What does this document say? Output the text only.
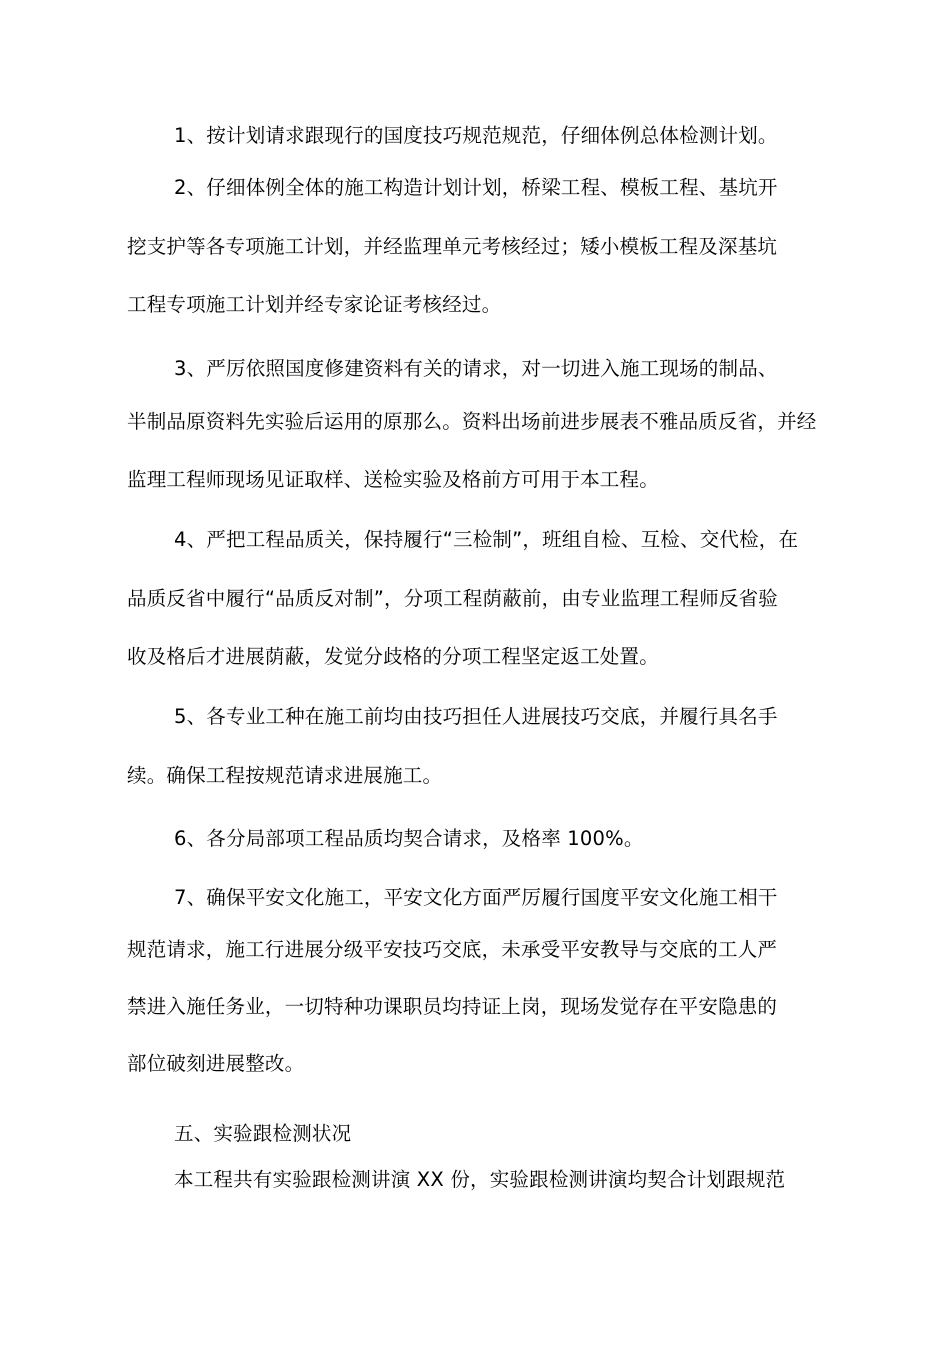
1、按计划请求跟现行的国度技巧规范规范，仔细体例总体检测计划。
2、仔细体例全体的施工构造计划计划，桥梁工程、模板工程、基坑开
挖支护等各专项施工计划，并经监理单元考核经过；矮小模板工程及深基坑
工程专项施工计划并经专家论证考核经过。
3、严厉依照国度修建资料有关的请求，对一切进入施工现场的制品、
半制品原资料先实验后运用的原那么。资料出场前进步展表不雅品质反省，并经
监理工程师现场见证取样、送检实验及格前方可用于本工程。
4、严把工程品质关，保持履行“三检制”，班组自检、互检、交代检，在
品质反省中履行“品质反对制”，分项工程荫蔽前，由专业监理工程师反省验
收及格后才进展荫蔽，发觉分歧格的分项工程坚定返工处置。
5、各专业工种在施工前均由技巧担任人进展技巧交底，并履行具名手
续。确保工程按规范请求进展施工。
6、各分局部项工程品质均契合请求，及格率 100%。
7、确保平安文化施工，平安文化方面严厉履行国度平安文化施工相干
规范请求，施工行进展分级平安技巧交底，未承受平安教导与交底的工人严
禁进入施任务业，一切特种功课职员均持证上岗，现场发觉存在平安隐患的
部位破刻进展整改。
五、实验跟检测状况
本工程共有实验跟检测讲演 XX 份，实验跟检测讲演均契合计划跟规范
